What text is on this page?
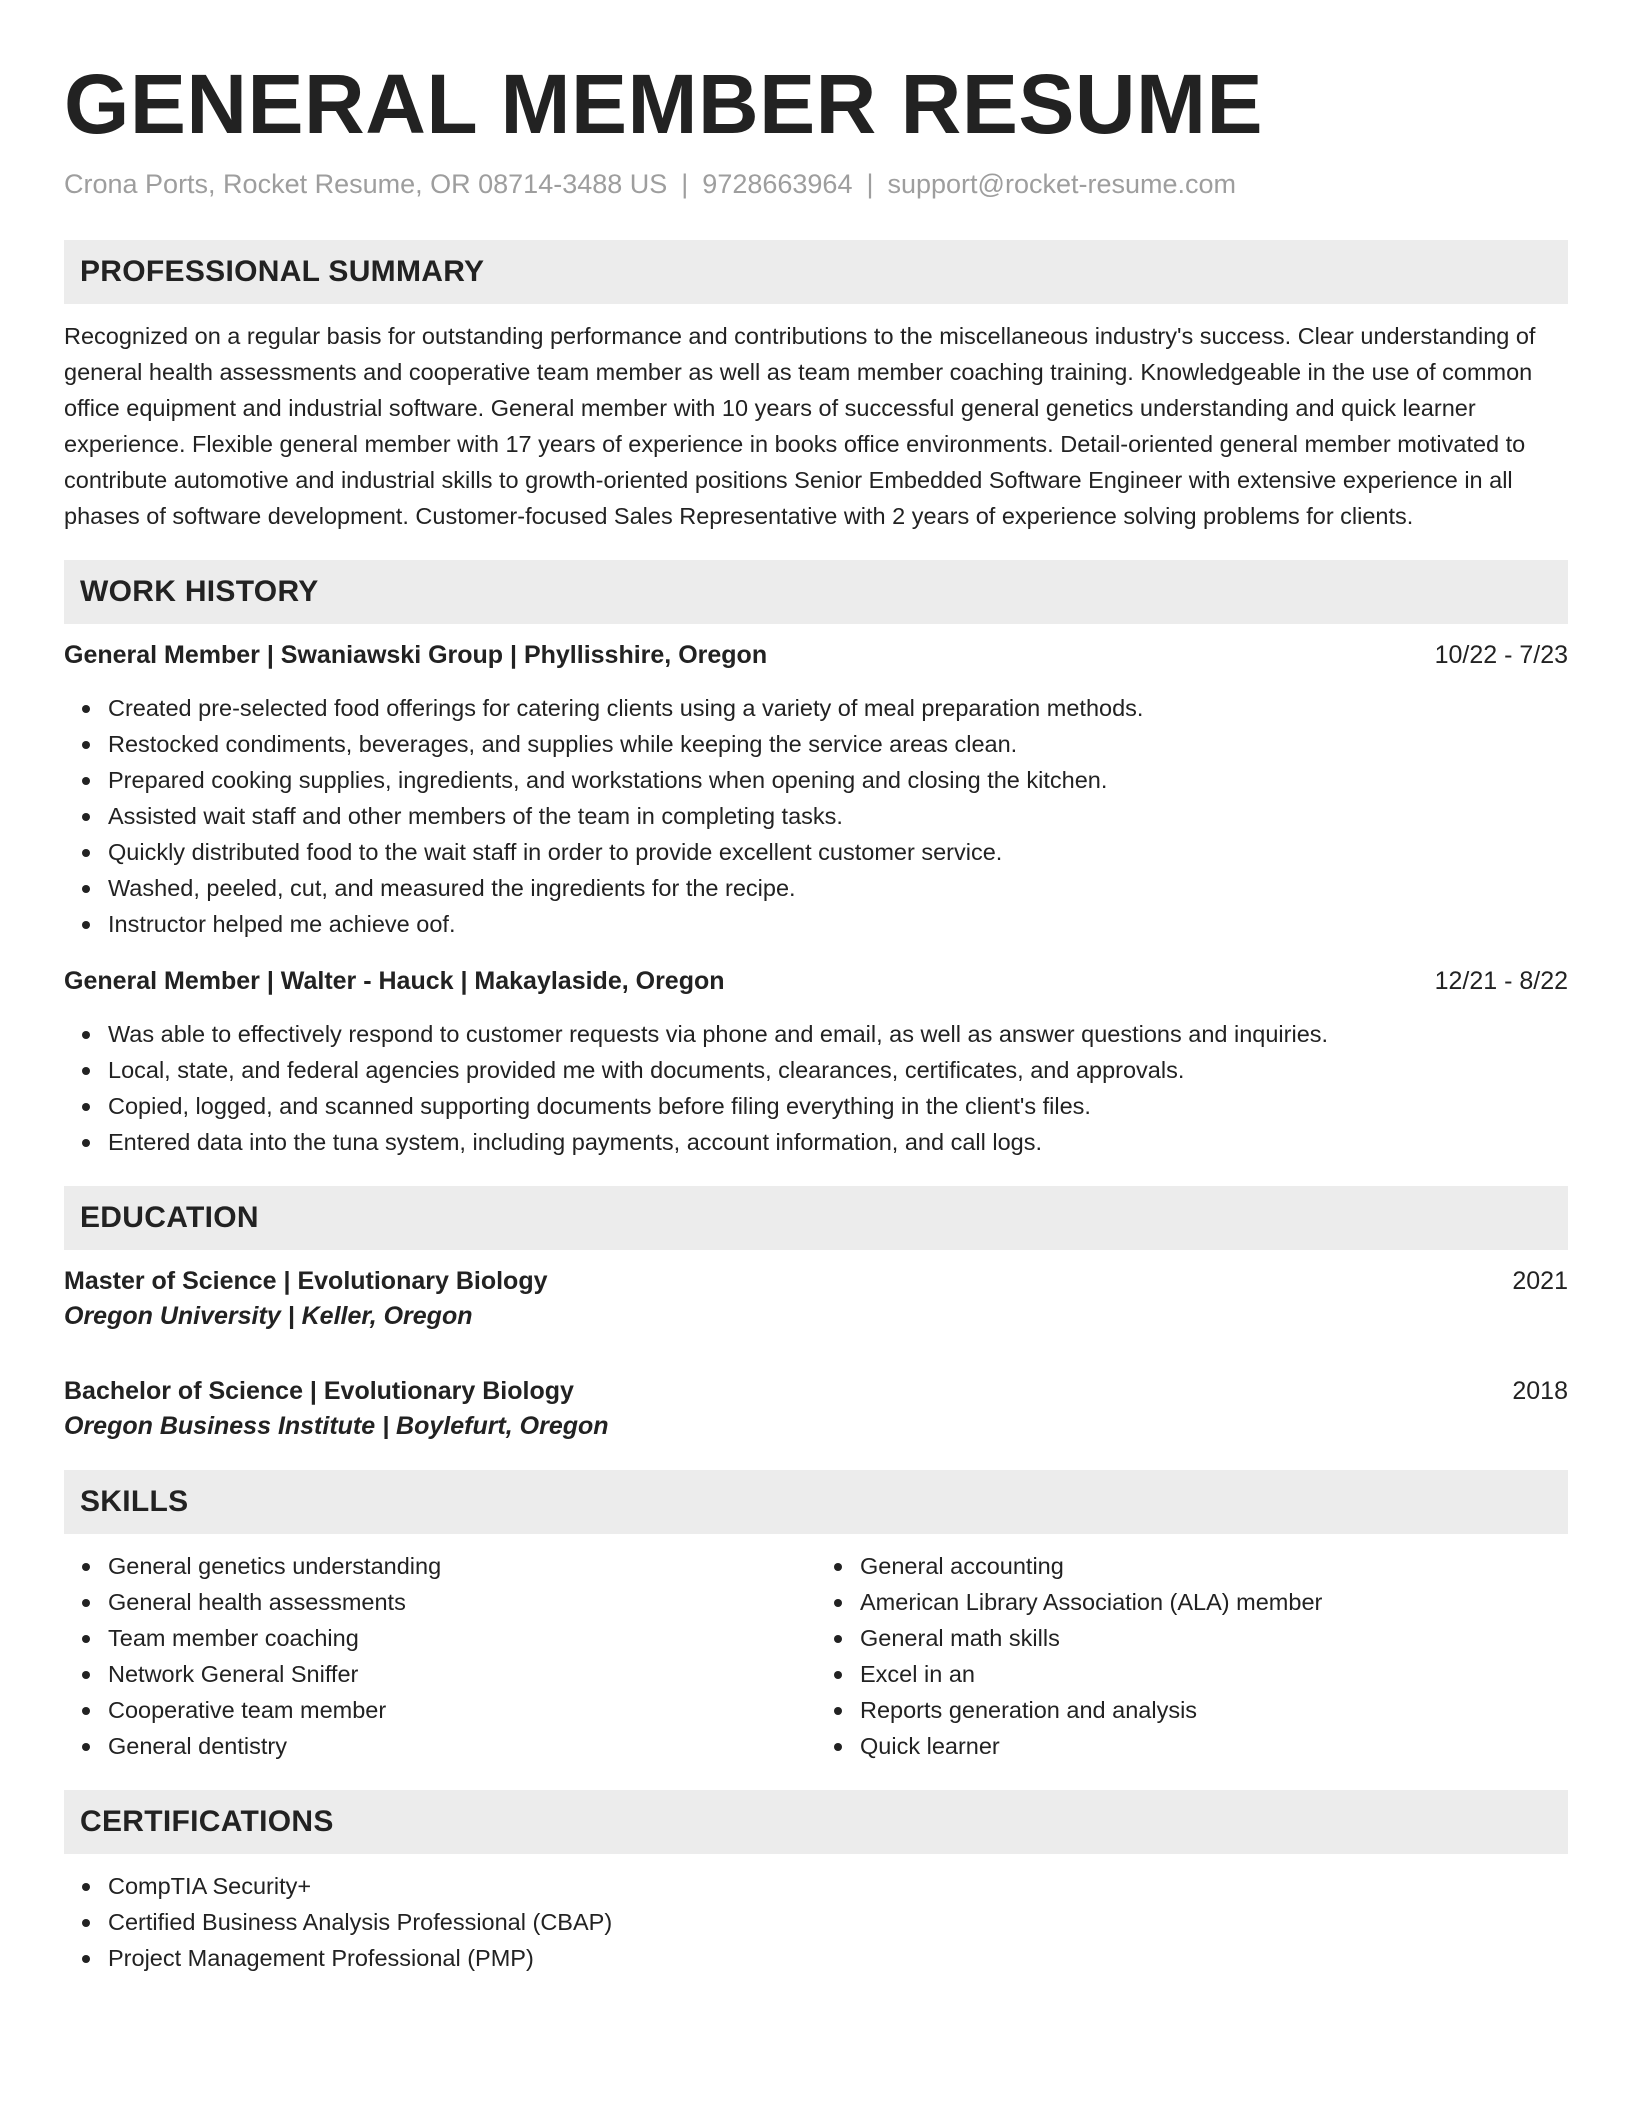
GENERAL MEMBER RESUME
Crona Ports, Rocket Resume, OR 08714-3488 US | 9728663964 | support@rocket-resume.com
PROFESSIONAL SUMMARY

Recognized on a regular basis for outstanding performance and contributions to the miscellaneous industry's success. Clear understanding of general health assessments and cooperative team member as well as team member coaching training. Knowledgeable in the use of common office equipment and industrial software. General member with 10 years of successful general genetics understanding and quick learner experience. Flexible general member with 17 years of experience in books office environments. Detail-oriented general member motivated to contribute automotive and industrial skills to growth-oriented positions Senior Embedded Software Engineer with extensive experience in all phases of software development. Customer-focused Sales Representative with 2 years of experience solving problems for clients.

WORK HISTORY
General Member | Swaniawski Group | Phyllisshire, Oregon	10/22 - 7/23
Created pre-selected food offerings for catering clients using a variety of meal preparation methods.
Restocked condiments, beverages, and supplies while keeping the service areas clean.
Prepared cooking supplies, ingredients, and workstations when opening and closing the kitchen.
Assisted wait staff and other members of the team in completing tasks.
Quickly distributed food to the wait staff in order to provide excellent customer service.
Washed, peeled, cut, and measured the ingredients for the recipe.
Instructor helped me achieve oof.
General Member | Walter - Hauck | Makaylaside, Oregon	12/21 - 8/22
Was able to effectively respond to customer requests via phone and email, as well as answer questions and inquiries.
Local, state, and federal agencies provided me with documents, clearances, certificates, and approvals.
Copied, logged, and scanned supporting documents before filing everything in the client's files.
Entered data into the tuna system, including payments, account information, and call logs.
EDUCATION
Master of Science | Evolutionary Biology	2021
Oregon University | Keller, Oregon
Bachelor of Science | Evolutionary Biology	2018
Oregon Business Institute | Boylefurt, Oregon
SKILLS
General genetics understanding
General health assessments
Team member coaching
Network General Sniffer
Cooperative team member
General dentistry
General accounting
American Library Association (ALA) member
General math skills
Excel in an
Reports generation and analysis
Quick learner
CERTIFICATIONS
CompTIA Security+
Certified Business Analysis Professional (CBAP)
Project Management Professional (PMP)
